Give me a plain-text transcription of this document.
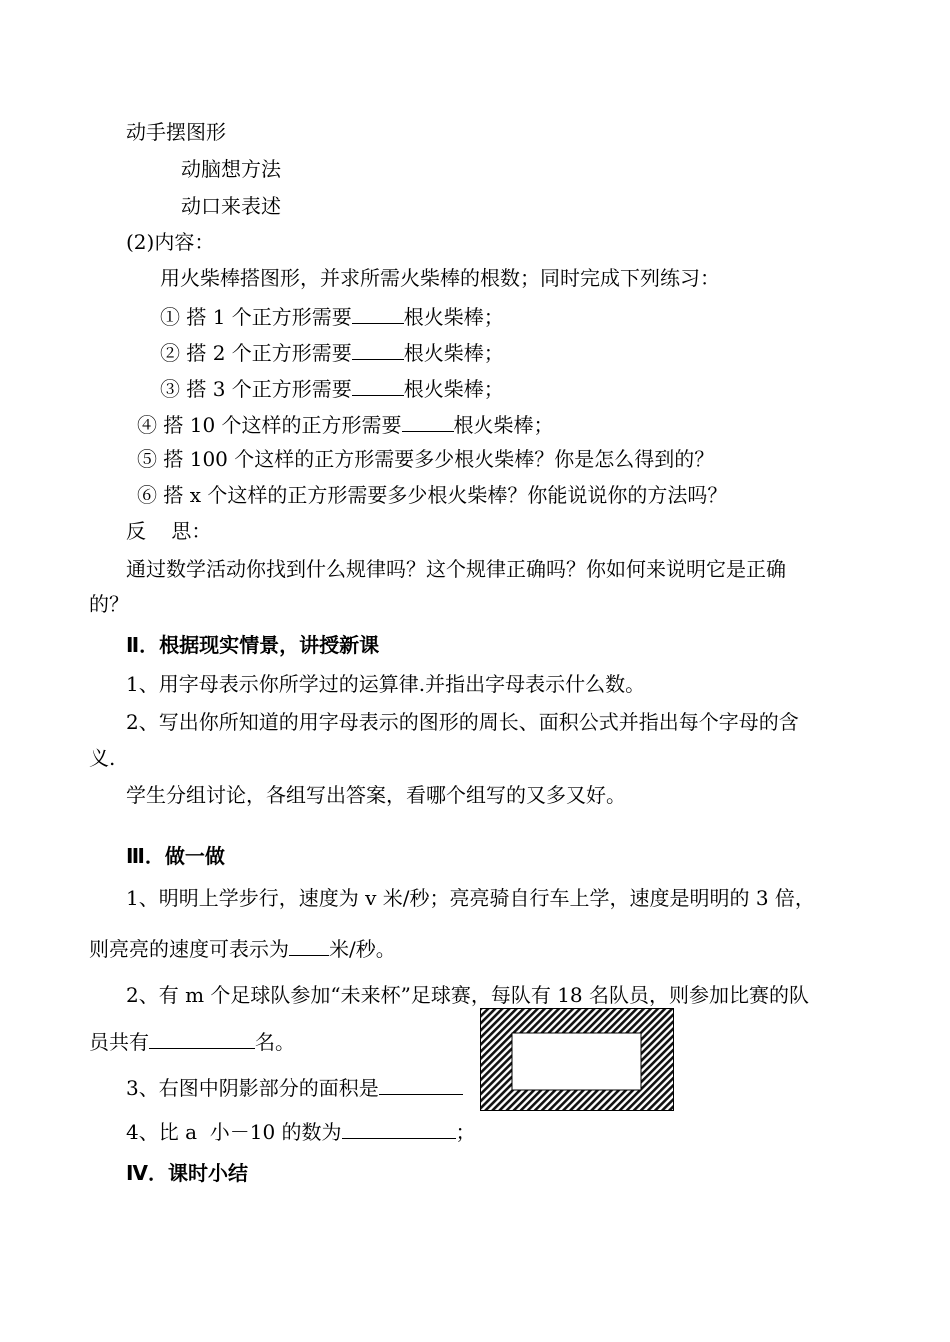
动手摆图形
动脑想方法
动口来表述
(2)内容：
用火柴棒搭图形，并求所需火柴棒的根数；同时完成下列练习：
① 搭 1 个正方形需要	根火柴棒；
② 搭 2 个正方形需要	根火柴棒；
③ 搭 3 个正方形需要	根火柴棒；
④ 搭 10 个这样的正方形需要	根火柴棒；
⑤ 搭 100 个这样的正方形需要多少根火柴棒？你是怎么得到的？
⑥ 搭 x 个这样的正方形需要多少根火柴棒？你能说说你的方法吗？
反    思：
通过数学活动你找到什么规律吗？这个规律正确吗？你如何来说明它是正确
的？
Ⅱ．根据现实情景，讲授新课
1、用字母表示你所学过的运算律.并指出字母表示什么数。
2、写出你所知道的用字母表示的图形的周长、面积公式并指出每个字母的含
义.
学生分组讨论，各组写出答案，看哪个组写的又多又好。
Ⅲ．做一做
1、明明上学步行，速度为 v 米/秒；亮亮骑自行车上学，速度是明明的 3 倍，
则亮亮的速度可表示为 米/秒。
2、有 m 个足球队参加“未来杯”足球赛，每队有 18 名队员，则参加比赛的队
员共有	名。
3、右图中阴影部分的面积是
4、比 a  小－10 的数为	；
Ⅳ．课时小结
